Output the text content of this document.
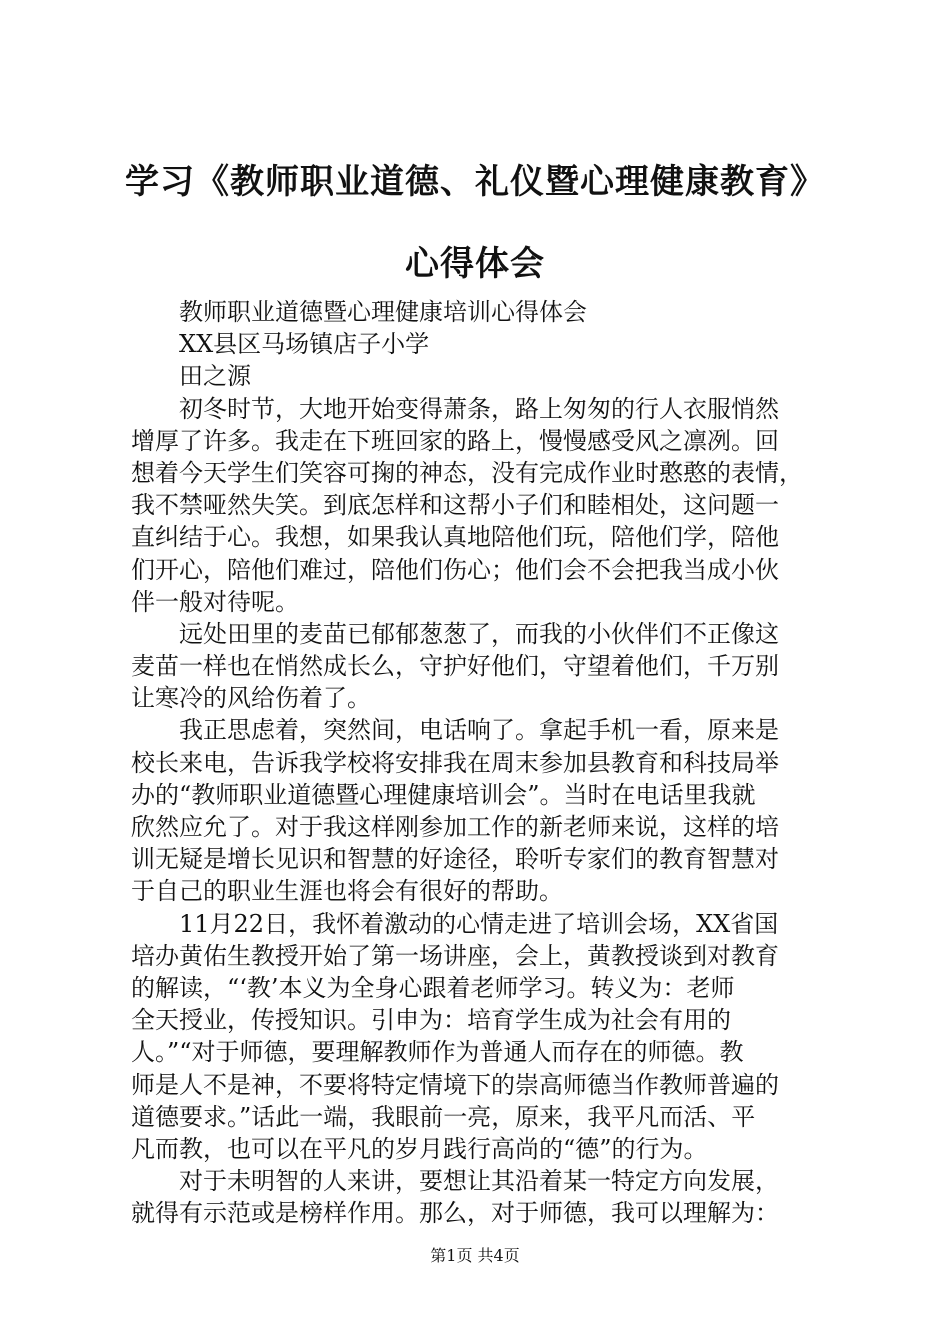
学习《教师职业道德、礼仪暨心理健康教育》
心得体会
教师职业道德暨心理健康培训心得体会
XX县区马场镇店子小学
田之源
初冬时节，大地开始变得萧条，路上匆匆的行人衣服悄然
增厚了许多。我走在下班回家的路上，慢慢感受风之凛冽。回
想着今天学生们笑容可掬的神态，没有完成作业时憨憨的表情，
我不禁哑然失笑。到底怎样和这帮小子们和睦相处，这问题一
直纠结于心。我想，如果我认真地陪他们玩，陪他们学，陪他
们开心，陪他们难过，陪他们伤心；他们会不会把我当成小伙
伴一般对待呢。
远处田里的麦苗已郁郁葱葱了，而我的小伙伴们不正像这
麦苗一样也在悄然成长么，守护好他们，守望着他们，千万别
让寒冷的风给伤着了。
我正思虑着，突然间，电话响了。拿起手机一看，原来是
校长来电，告诉我学校将安排我在周末参加县教育和科技局举
办的“教师职业道德暨心理健康培训会”。当时在电话里我就
欣然应允了。对于我这样刚参加工作的新老师来说，这样的培
训无疑是增长见识和智慧的好途径，聆听专家们的教育智慧对
于自己的职业生涯也将会有很好的帮助。
11月22日，我怀着激动的心情走进了培训会场，XX省国
培办黄佑生教授开始了第一场讲座，会上，黄教授谈到对教育
的解读，“‘教’本义为全身心跟着老师学习。转义为：老师
全天授业，传授知识。引申为：培育学生成为社会有用的
人。”“对于师德，要理解教师作为普通人而存在的师德。教
师是人不是神，不要将特定情境下的崇高师德当作教师普遍的
道德要求。”话此一端，我眼前一亮，原来，我平凡而活、平
凡而教，也可以在平凡的岁月践行高尚的“德”的行为。
对于未明智的人来讲，要想让其沿着某一特定方向发展，
就得有示范或是榜样作用。那么，对于师德，我可以理解为：
第1页 共4页
